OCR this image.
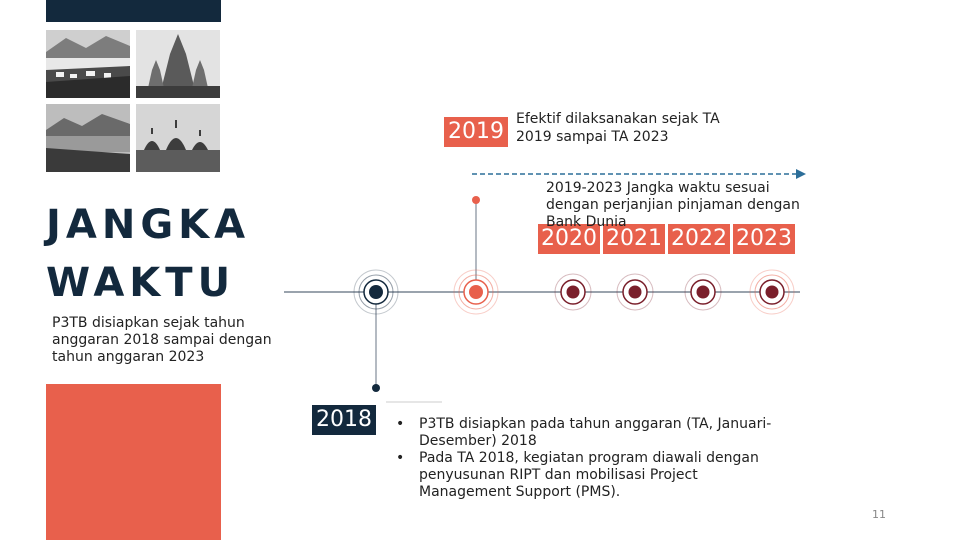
JANGKA
WAKTU
P3TB disiapkan sejak tahun anggaran 2018 sampai dengan tahun anggaran 2023
2019 Efektif dilaksanakan sejak TA 2019 sampai TA 2023
2020 2021 2022 2023
2019-2023 Jangka waktu sesuai dengan perjanjian pinjaman dengan Bank Dunia
2018
•	P3TB disiapkan pada tahun anggaran (TA, Januari-Desember) 2018
• Pada TA 2018, kegiatan program diawali dengan penyusunan RIPT dan mobilisasi Project Management Support (PMS).
11
